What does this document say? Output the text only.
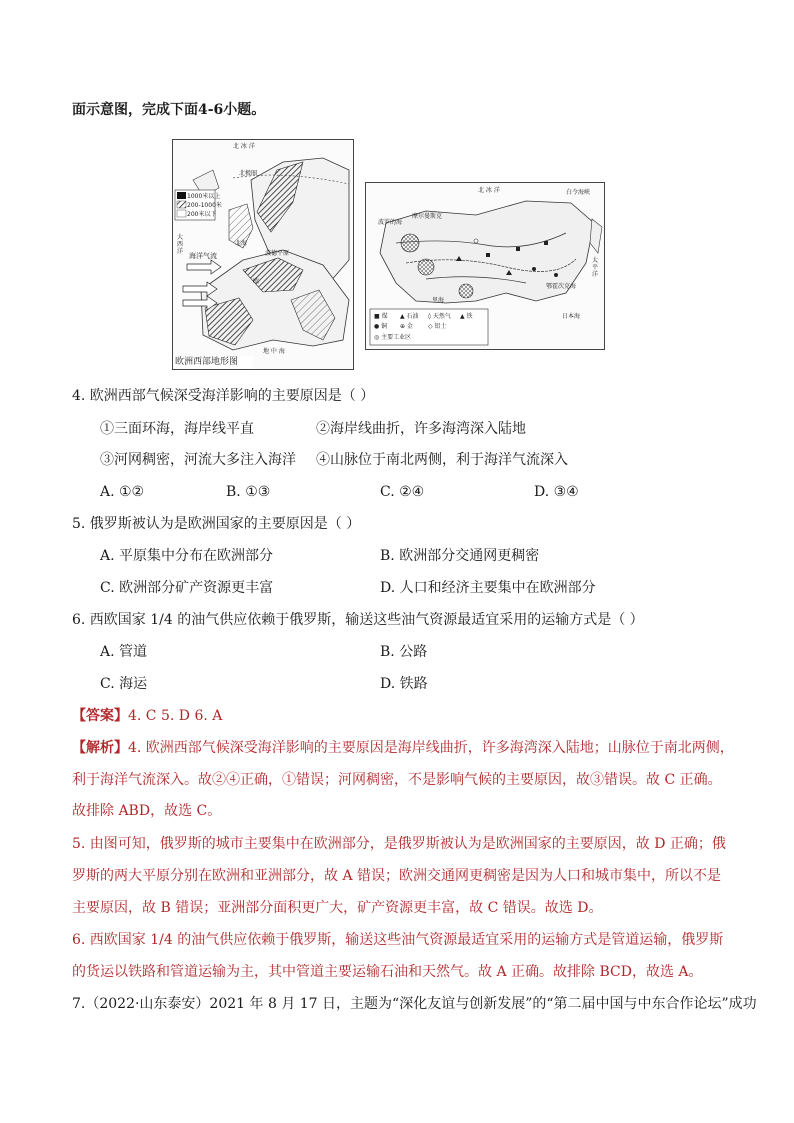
面示意图，完成下面4-6小题。
北 冰 洋
北极圈
1000米以上
200-1000米
200米以下
北海
大
西
洋
海洋气流	波德平原
欧
地 中 海
欧洲西部地形图
北 冰 洋	白令海峡
太
平
洋
鄂霍次克海
日本海
波罗的海
摩尔曼斯克
里海
■ 煤 ▲ 石油 ◊ 天然气 ▲ 铁
● 铜 ⊕ 金	◇ 铝土
◎ 主要工业区
4. 欧洲西部气候深受海洋影响的主要原因是（ ）
①三面环海，海岸线平直	②海岸线曲折，许多海湾深入陆地
③河网稠密，河流大多注入海洋 ④山脉位于南北两侧，利于海洋气流深入
A. ①②	B. ①③	C. ②④	D. ③④
5. 俄罗斯被认为是欧洲国家的主要原因是（ ）
A. 平原集中分布在欧洲部分	B. 欧洲部分交通网更稠密
C. 欧洲部分矿产资源更丰富	D. 人口和经济主要集中在欧洲部分
6. 西欧国家 1/4 的油气供应依赖于俄罗斯，输送这些油气资源最适宜采用的运输方式是（ ）
A. 管道	B. 公路
C. 海运	D. 铁路
【答案】4. C 5. D 6. A
【解析】4. 欧洲西部气候深受海洋影响的主要原因是海岸线曲折，许多海湾深入陆地；山脉位于南北两侧，
利于海洋气流深入。故②④正确，①错误；河网稠密，不是影响气候的主要原因，故③错误。故 C 正确。
故排除 ABD，故选 C。
5. 由图可知，俄罗斯的城市主要集中在欧洲部分，是俄罗斯被认为是欧洲国家的主要原因，故 D 正确；俄
罗斯的两大平原分别在欧洲和亚洲部分，故 A 错误；欧洲交通网更稠密是因为人口和城市集中，所以不是
主要原因，故 B 错误；亚洲部分面积更广大，矿产资源更丰富，故 C 错误。故选 D。
6. 西欧国家 1/4 的油气供应依赖于俄罗斯，输送这些油气资源最适宜采用的运输方式是管道运输，俄罗斯
的货运以铁路和管道运输为主，其中管道主要运输石油和天然气。故 A 正确。故排除 BCD，故选 A。
7.（2022·山东泰安）2021 年 8 月 17 日，主题为“深化友谊与创新发展”的“第二届中国与中东合作论坛”成功
